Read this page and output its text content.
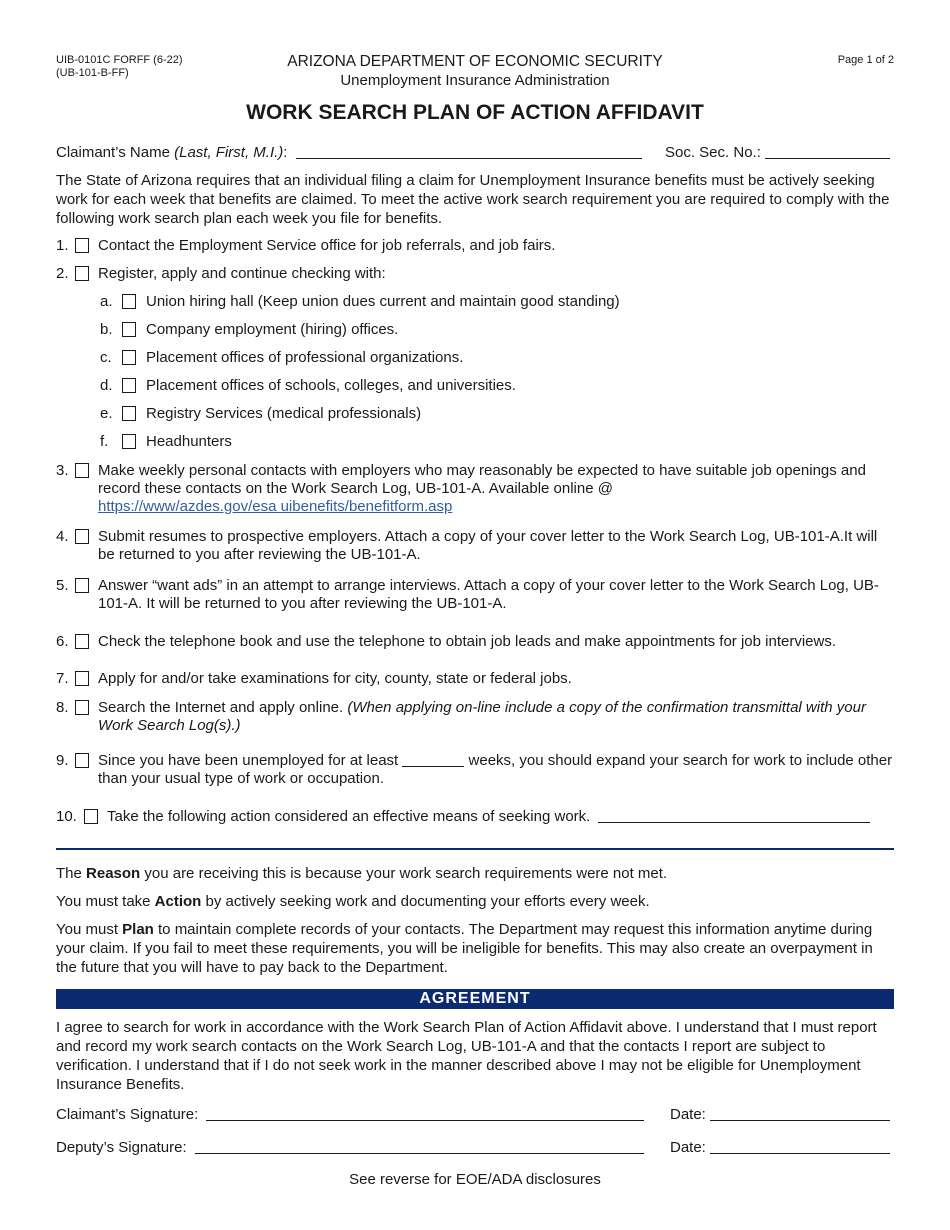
UIB-0101C FORFF (6-22)
(UB-101-B-FF)
ARIZONA DEPARTMENT OF ECONOMIC SECURITY
Unemployment Insurance Administration
Page 1 of 2
WORK SEARCH PLAN OF ACTION AFFIDAVIT
Claimant’s Name (Last, First, M.I.):	Soc. Sec. No.:
The State of Arizona requires that an individual filing a claim for Unemployment Insurance benefits must be actively seeking work for each week that benefits are claimed. To meet the active work search requirement you are required to comply with the following work search plan each week you file for benefits.
1. Contact the Employment Service office for job referrals, and job fairs.
2. Register, apply and continue checking with:
a. Union hiring hall (Keep union dues current and maintain good standing)
b. Company employment (hiring) offices.
c. Placement offices of professional organizations.
d. Placement offices of schools, colleges, and universities.
e. Registry Services (medical professionals)
f.	Headhunters
3. Make weekly personal contacts with employers who may reasonably be expected to have suitable job openings and record these contacts on the Work Search Log, UB-101-A. Available online @
https://www/azdes.gov/esa uibenefits/benefitform.asp
4. Submit resumes to prospective employers. Attach a copy of your cover letter to the Work Search Log, UB-101-A.It will be returned to you after reviewing the UB-101-A.
5. Answer “want ads” in an attempt to arrange interviews. Attach a copy of your cover letter to the Work Search Log, UB-101-A. It will be returned to you after reviewing the UB-101-A.
6. Check the telephone book and use the telephone to obtain job leads and make appointments for job interviews.
7. Apply for and/or take examinations for city, county, state or federal jobs.
8. Search the Internet and apply online. (When applying on-line include a copy of the confirmation transmittal with your Work Search Log(s).)
9. Since you have been unemployed for at least	weeks, you should expand your search for work to include other than your usual type of work or occupation.
10. Take the following action considered an effective means of seeking work.
The Reason you are receiving this is because your work search requirements were not met.
You must take Action by actively seeking work and documenting your efforts every week.
You must Plan to maintain complete records of your contacts. The Department may request this information anytime during your claim. If you fail to meet these requirements, you will be ineligible for benefits. This may also create an overpayment in the future that you will have to pay back to the Department.
AGREEMENT
I agree to search for work in accordance with the Work Search Plan of Action Affidavit above. I understand that I must report and record my work search contacts on the Work Search Log, UB-101-A and that the contacts I report are subject to verification. I understand that if I do not seek work in the manner described above I may not be eligible for Unemployment Insurance Benefits.
Claimant’s Signature:	Date:
Deputy’s Signature:	Date:
See reverse for EOE/ADA disclosures
